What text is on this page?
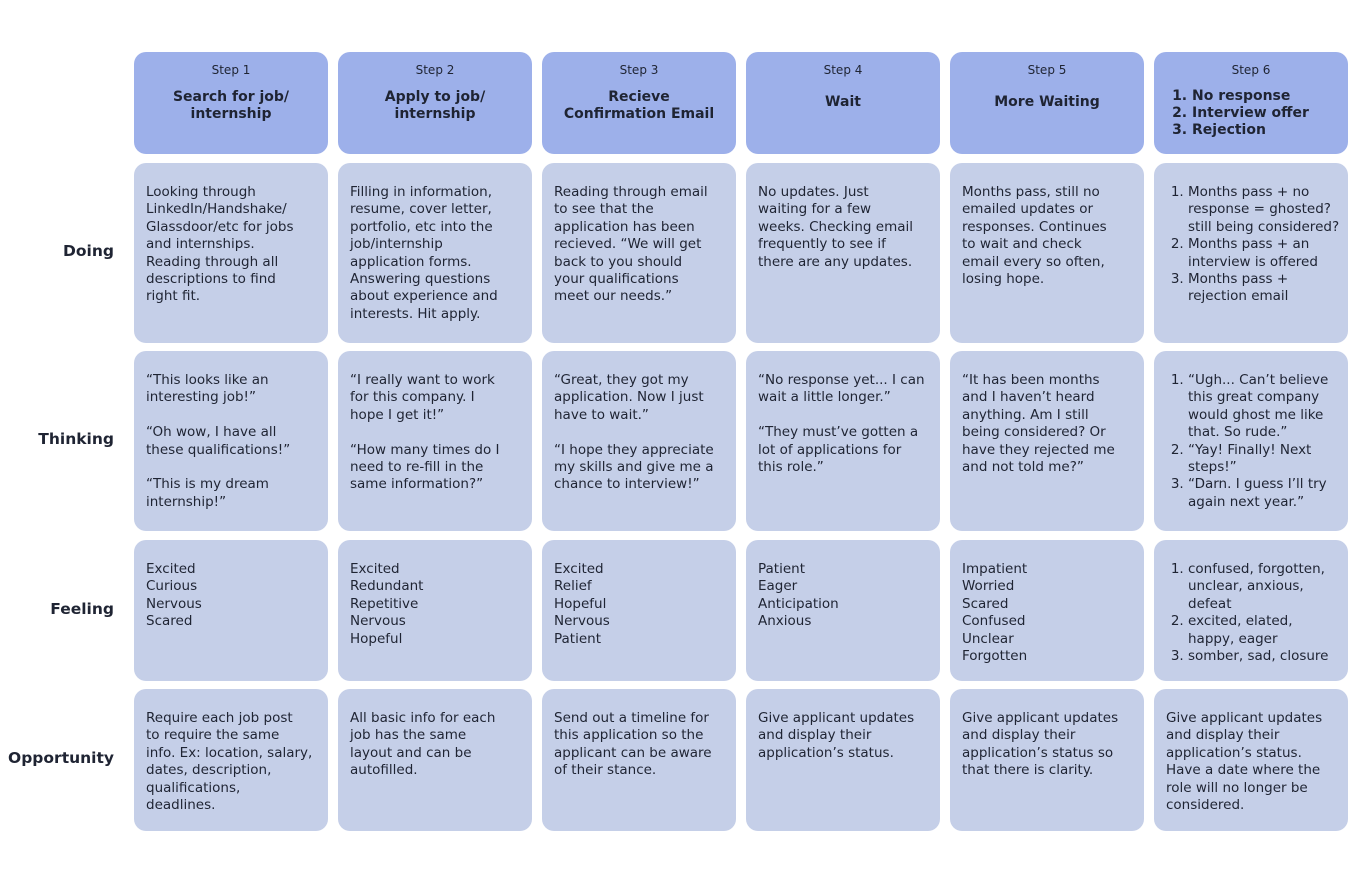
Step 1
Search for job/
internship
Step 2
Apply to job/
internship
Step 3
Recieve
Confirmation Email
Step 4
Wait
Step 5
More Waiting
Step 6
1. No response
2. Interview offer
3. Rejection
Doing
Looking through LinkedIn/Handshake/
Glassdoor/etc for jobs
and internships.
Reading through all
descriptions to find
right fit.
Filling in information,
resume, cover letter,
portfolio, etc into the
job/internship
application forms.
Answering questions
about experience and
interests. Hit apply.
Reading through email
to see that the
application has been
recieved. “We will get
back to you should
your qualifications
meet our needs.”
No updates. Just
waiting for a few
weeks. Checking email
frequently to see if
there are any updates.
Months pass, still no
emailed updates or
responses. Continues
to wait and check
email every so often,
losing hope.
1. Months pass + no response = ghosted? still being considered?
2. Months pass + an interview is offered
3. Months pass + rejection email
Thinking
“This looks like an
interesting job!”

“Oh wow, I have all
these qualifications!”

“This is my dream
internship!”
“I really want to work
for this company. I
hope I get it!”

“How many times do I
need to re-fill in the
same information?”
“Great, they got my
application. Now I just
have to wait.”

“I hope they appreciate
my skills and give me a
chance to interview!”
“No response yet... I can
wait a little longer.”

“They must’ve gotten a
lot of applications for
this role.”
“It has been months
and I haven’t heard
anything. Am I still
being considered? Or
have they rejected me
and not told me?”
1. “Ugh... Can’t believe this great company would ghost me like that. So rude.”
2. “Yay! Finally! Next steps!”
3. “Darn. I guess I’ll try again next year.”
Feeling
Excited
Curious
Nervous
Scared
Excited
Redundant
Repetitive
Nervous
Hopeful
Excited
Relief
Hopeful
Nervous
Patient
Patient
Eager
Anticipation
Anxious
Impatient
Worried
Scared
Confused
Unclear
Forgotten
1. confused, forgotten, unclear, anxious, defeat
2. excited, elated, happy, eager
3. somber, sad, closure
Opportunity
Require each job post
to require the same
info. Ex: location, salary,
dates, description,
qualifications,
deadlines.
All basic info for each
job has the same
layout and can be
autofilled.
Send out a timeline for
this application so the
applicant can be aware
of their stance.
Give applicant updates
and display their
application’s status.
Give applicant updates
and display their
application’s status so
that there is clarity.
Give applicant updates
and display their
application’s status.
Have a date where the
role will no longer be
considered.
